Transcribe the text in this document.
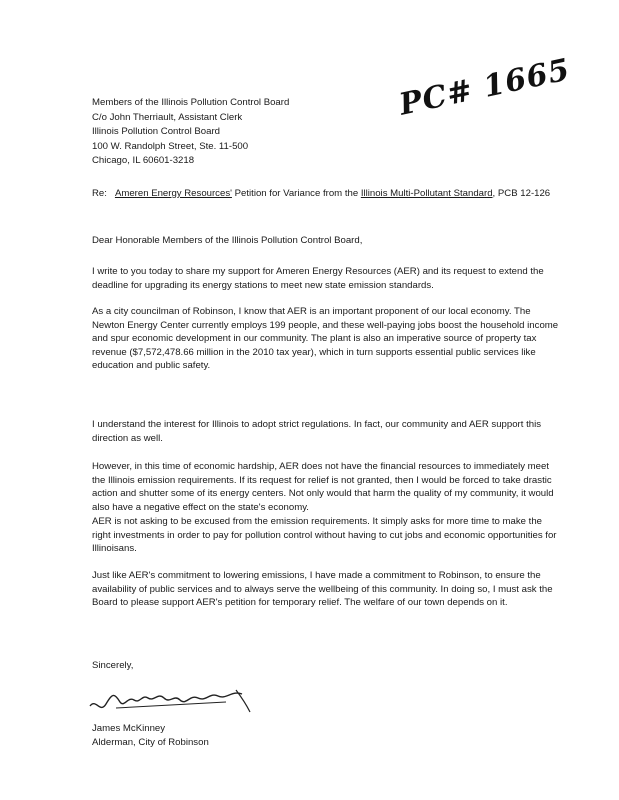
PC# 1665
Members of the Illinois Pollution Control Board
C/o John Therriault, Assistant Clerk
Illinois Pollution Control Board
100 W. Randolph Street, Ste. 11-500
Chicago, IL 60601-3218
Re: Ameren Energy Resources' Petition for Variance from the Illinois Multi-Pollutant Standard, PCB 12-126
Dear Honorable Members of the Illinois Pollution Control Board,
I write to you today to share my support for Ameren Energy Resources (AER) and its request to extend the deadline for upgrading its energy stations to meet new state emission standards.
As a city councilman of Robinson, I know that AER is an important proponent of our local economy. The Newton Energy Center currently employs 199 people, and these well-paying jobs boost the household income and spur economic development in our community. The plant is also an imperative source of property tax revenue ($7,572,478.66 million in the 2010 tax year), which in turn supports essential public services like education and public safety.
I understand the interest for Illinois to adopt strict regulations. In fact, our community and AER support this direction as well.
However, in this time of economic hardship, AER does not have the financial resources to immediately meet the Illinois emission requirements. If its request for relief is not granted, then I would be forced to take drastic action and shutter some of its energy centers. Not only would that harm the quality of my community, it would also have a negative effect on the state's economy.
AER is not asking to be excused from the emission requirements. It simply asks for more time to make the right investments in order to pay for pollution control without having to cut jobs and economic opportunities for Illinoisans.
Just like AER's commitment to lowering emissions, I have made a commitment to Robinson, to ensure the availability of public services and to always serve the wellbeing of this community. In doing so, I must ask the Board to please support AER's petition for temporary relief. The welfare of our town depends on it.
Sincerely,
James McKinney
Alderman, City of Robinson
